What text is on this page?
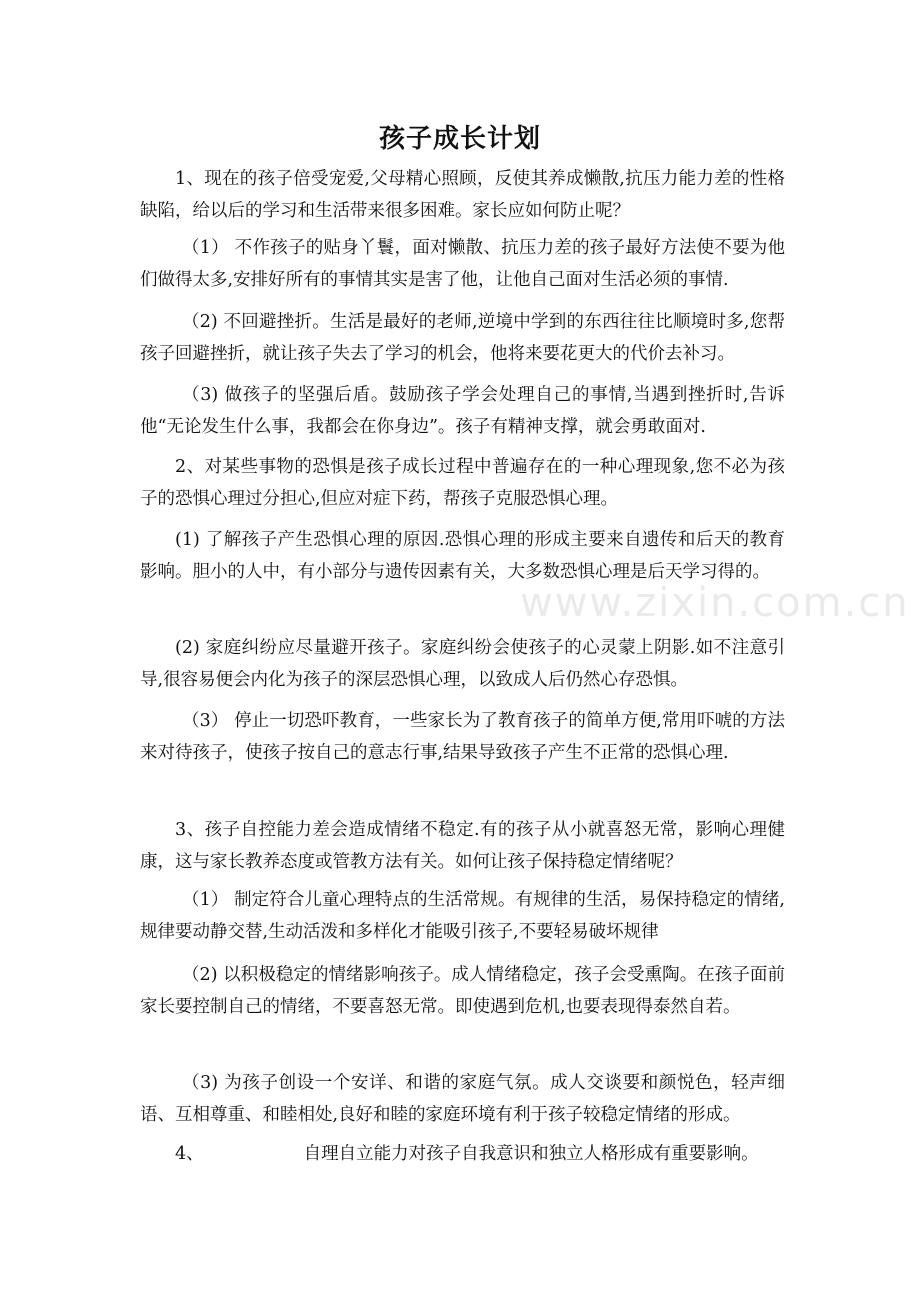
孩子成长计划

1、现在的孩子倍受宠爱,父母精心照顾，反使其养成懒散,抗压力能力差的性格缺陷，给以后的学习和生活带来很多困难。家长应如何防止呢？

（1） 不作孩子的贴身丫鬟，面对懒散、抗压力差的孩子最好方法使不要为他们做得太多,安排好所有的事情其实是害了他，让他自己面对生活必须的事情.

（2) 不回避挫折。生活是最好的老师,逆境中学到的东西往往比顺境时多,您帮孩子回避挫折，就让孩子失去了学习的机会，他将来要花更大的代价去补习。

（3) 做孩子的坚强后盾。鼓励孩子学会处理自己的事情,当遇到挫折时,告诉他“无论发生什么事，我都会在你身边”。孩子有精神支撑，就会勇敢面对.

2、对某些事物的恐惧是孩子成长过程中普遍存在的一种心理现象,您不必为孩子的恐惧心理过分担心,但应对症下药，帮孩子克服恐惧心理。

(1) 了解孩子产生恐惧心理的原因.恐惧心理的形成主要来自遗传和后天的教育影响。胆小的人中，有小部分与遗传因素有关，大多数恐惧心理是后天学习得的。

(2) 家庭纠纷应尽量避开孩子。家庭纠纷会使孩子的心灵蒙上阴影.如不注意引导,很容易便会内化为孩子的深层恐惧心理，以致成人后仍然心存恐惧。

（3） 停止一切恐吓教育，一些家长为了教育孩子的简单方便,常用吓唬的方法来对待孩子，使孩子按自己的意志行事,结果导致孩子产生不正常的恐惧心理.

3、孩子自控能力差会造成情绪不稳定.有的孩子从小就喜怒无常，影响心理健康，这与家长教养态度或管教方法有关。如何让孩子保持稳定情绪呢？

（1） 制定符合儿童心理特点的生活常规。有规律的生活，易保持稳定的情绪,规律要动静交替,生动活泼和多样化才能吸引孩子,不要轻易破坏规律

（2) 以积极稳定的情绪影响孩子。成人情绪稳定，孩子会受熏陶。在孩子面前家长要控制自己的情绪，不要喜怒无常。即使遇到危机,也要表现得泰然自若。

（3) 为孩子创设一个安详、和谐的家庭气氛。成人交谈要和颜悦色，轻声细语、互相尊重、和睦相处,良好和睦的家庭环境有利于孩子较稳定情绪的形成。

4、	自理自立能力对孩子自我意识和独立人格形成有重要影响。

www.zixin.com.cn
